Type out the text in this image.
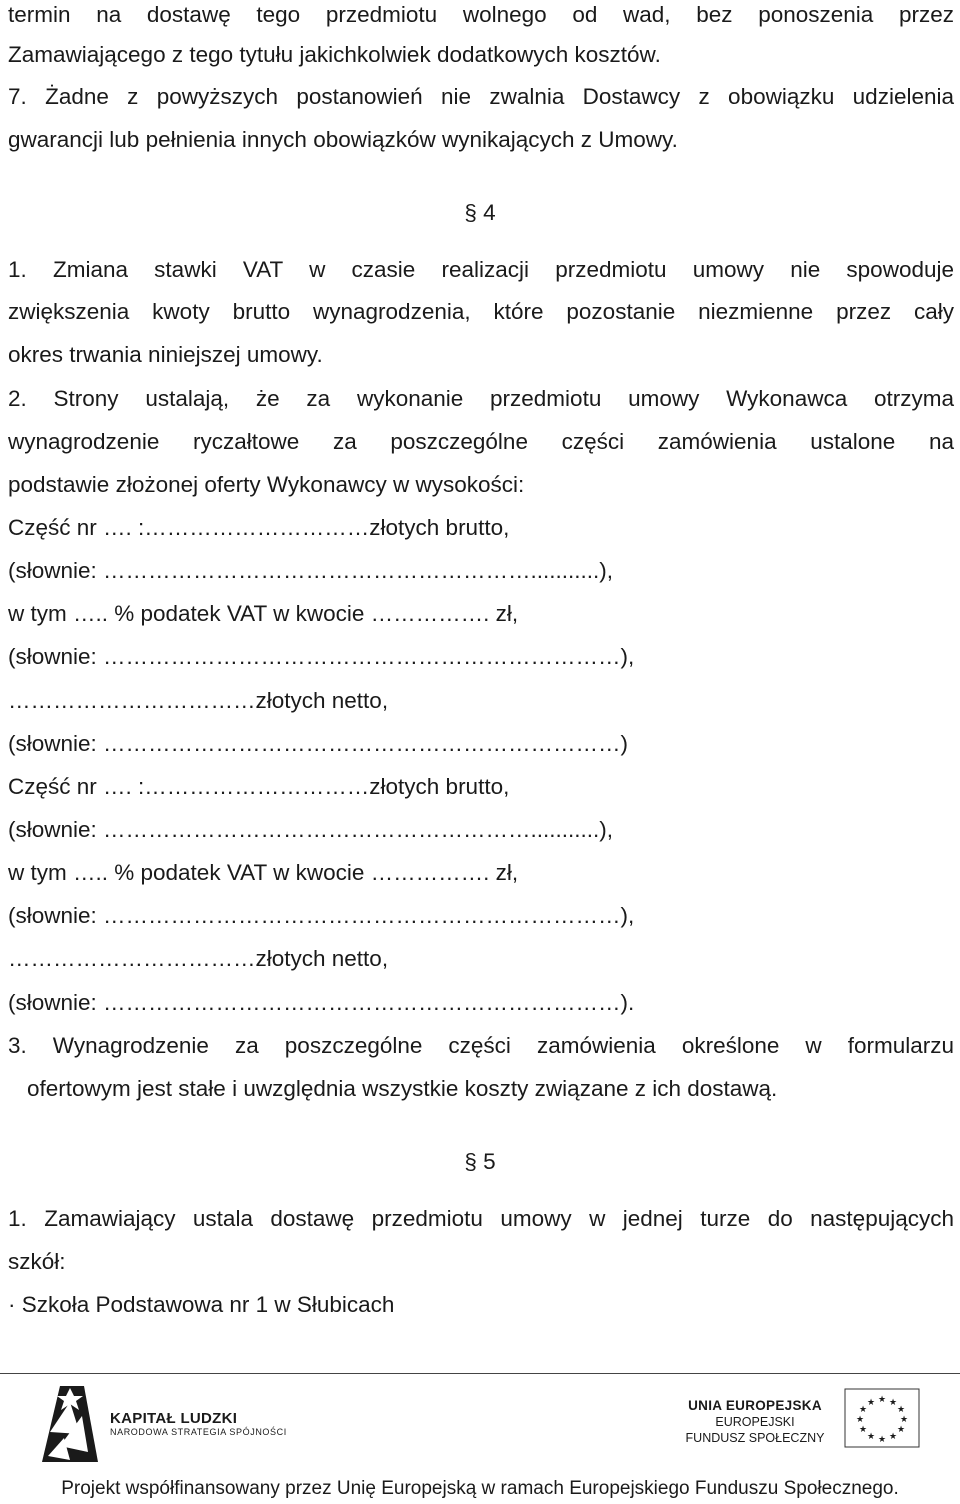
termin na dostawę tego przedmiotu wolnego od wad, bez ponoszenia przez
Zamawiającego z tego tytułu jakichkolwiek dodatkowych kosztów.
7. Żadne z powyższych postanowień nie zwalnia Dostawcy z obowiązku udzielenia
gwarancji lub pełnienia innych obowiązków wynikających z Umowy.
§ 4
1. Zmiana stawki VAT w czasie realizacji przedmiotu umowy nie spowoduje
zwiększenia kwoty brutto wynagrodzenia, które pozostanie niezmienne przez cały
okres trwania niniejszej umowy.
2. Strony ustalają, że za wykonanie przedmiotu umowy Wykonawca otrzyma
wynagrodzenie ryczałtowe za poszczególne części zamówienia ustalone na
podstawie złożonej oferty Wykonawcy w wysokości:
Część nr …. :…………………………złotych brutto,
(słownie: …………………………………………………...........),
w tym ….. % podatek VAT w kwocie ……………. zł,
(słownie: ……………………………………………………………),
……………………………złotych netto,
(słownie: ……………………………………………………………)
Część nr …. :…………………………złotych brutto,
(słownie: …………………………………………………...........),
w tym ….. % podatek VAT w kwocie ……………. zł,
(słownie: ……………………………………………………………),
……………………………złotych netto,
(słownie: ……………………………………………………………).
3. Wynagrodzenie za poszczególne części zamówienia określone w formularzu
ofertowym jest stałe i uwzględnia wszystkie koszty związane z ich dostawą.
§ 5
1. Zamawiający ustala dostawę przedmiotu umowy w jednej turze do następujących
szkół:
· Szkoła Podstawowa nr 1 w Słubicach
KAPITAŁ LUDZKI
NARODOWA STRATEGIA SPÓJNOŚCI
UNIA EUROPEJSKA
EUROPEJSKI
FUNDUSZ SPOŁECZNY
★ ★
★
★
★
★
★
★
★
★
★
★
Projekt współfinansowany przez Unię Europejską w ramach Europejskiego Funduszu Społecznego.
